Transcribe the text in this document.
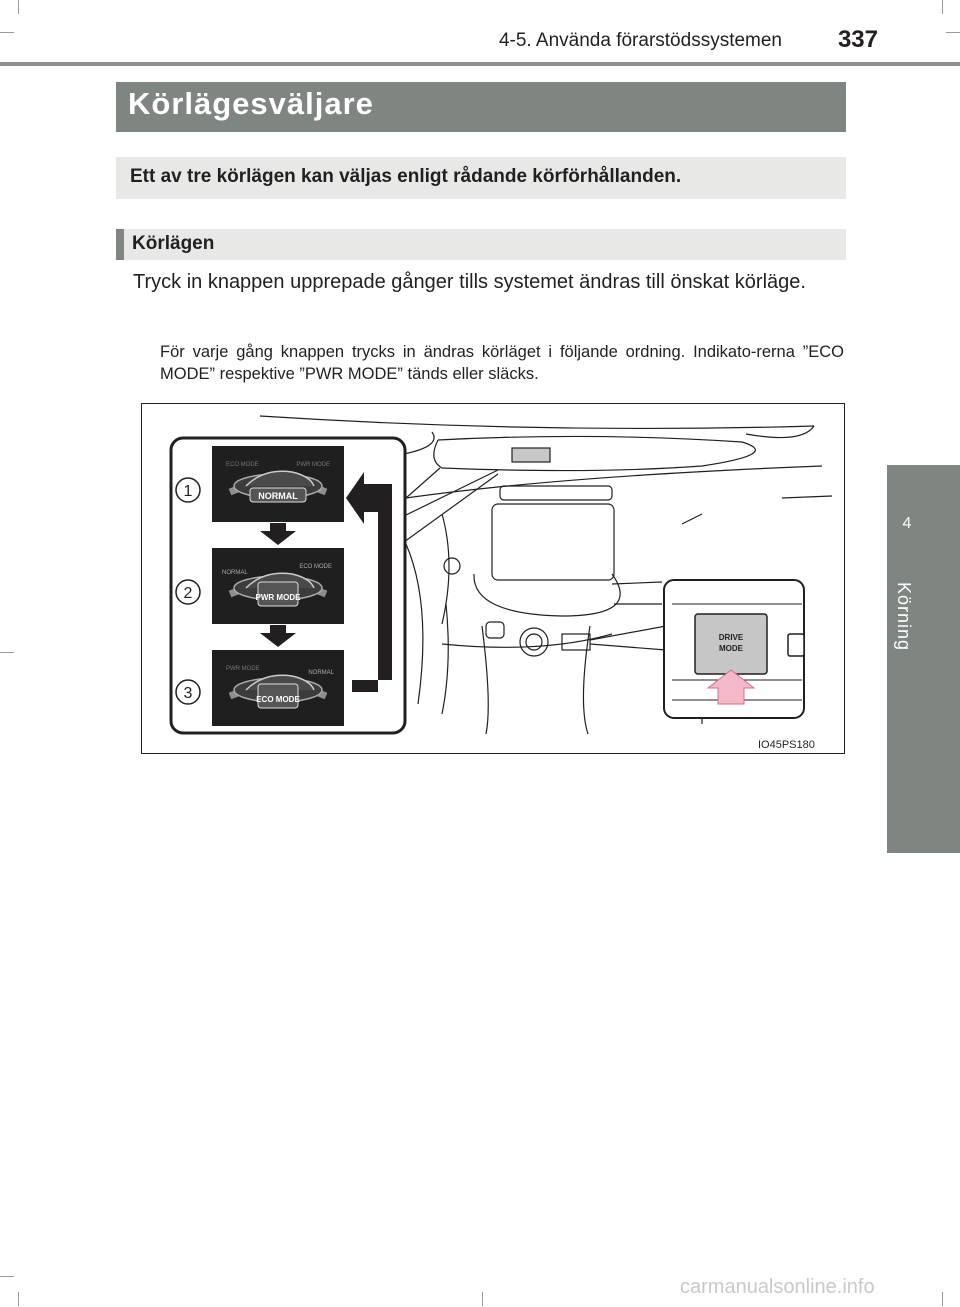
4-5. Använda förarstödssystemen	337
4
Körning
Körlägesväljare
Ett av tre körlägen kan väljas enligt rådande körförhållanden.
Körlägen
Tryck in knappen upprepade gånger tills systemet ändras till önskat körläge.
För varje gång knappen trycks in ändras körläget i följande ordning. Indikato-rerna ”ECO MODE” respektive ”PWR MODE” tänds eller släcks.
NORMAL
ECO MODE	PWR MODE
PWR MODE
NORMAL
ECO MODE
ECO MODE
PWR MODE
NORMAL
1
2
3
DRIVE
MODE
IO45PS180
carmanualsonline.info
